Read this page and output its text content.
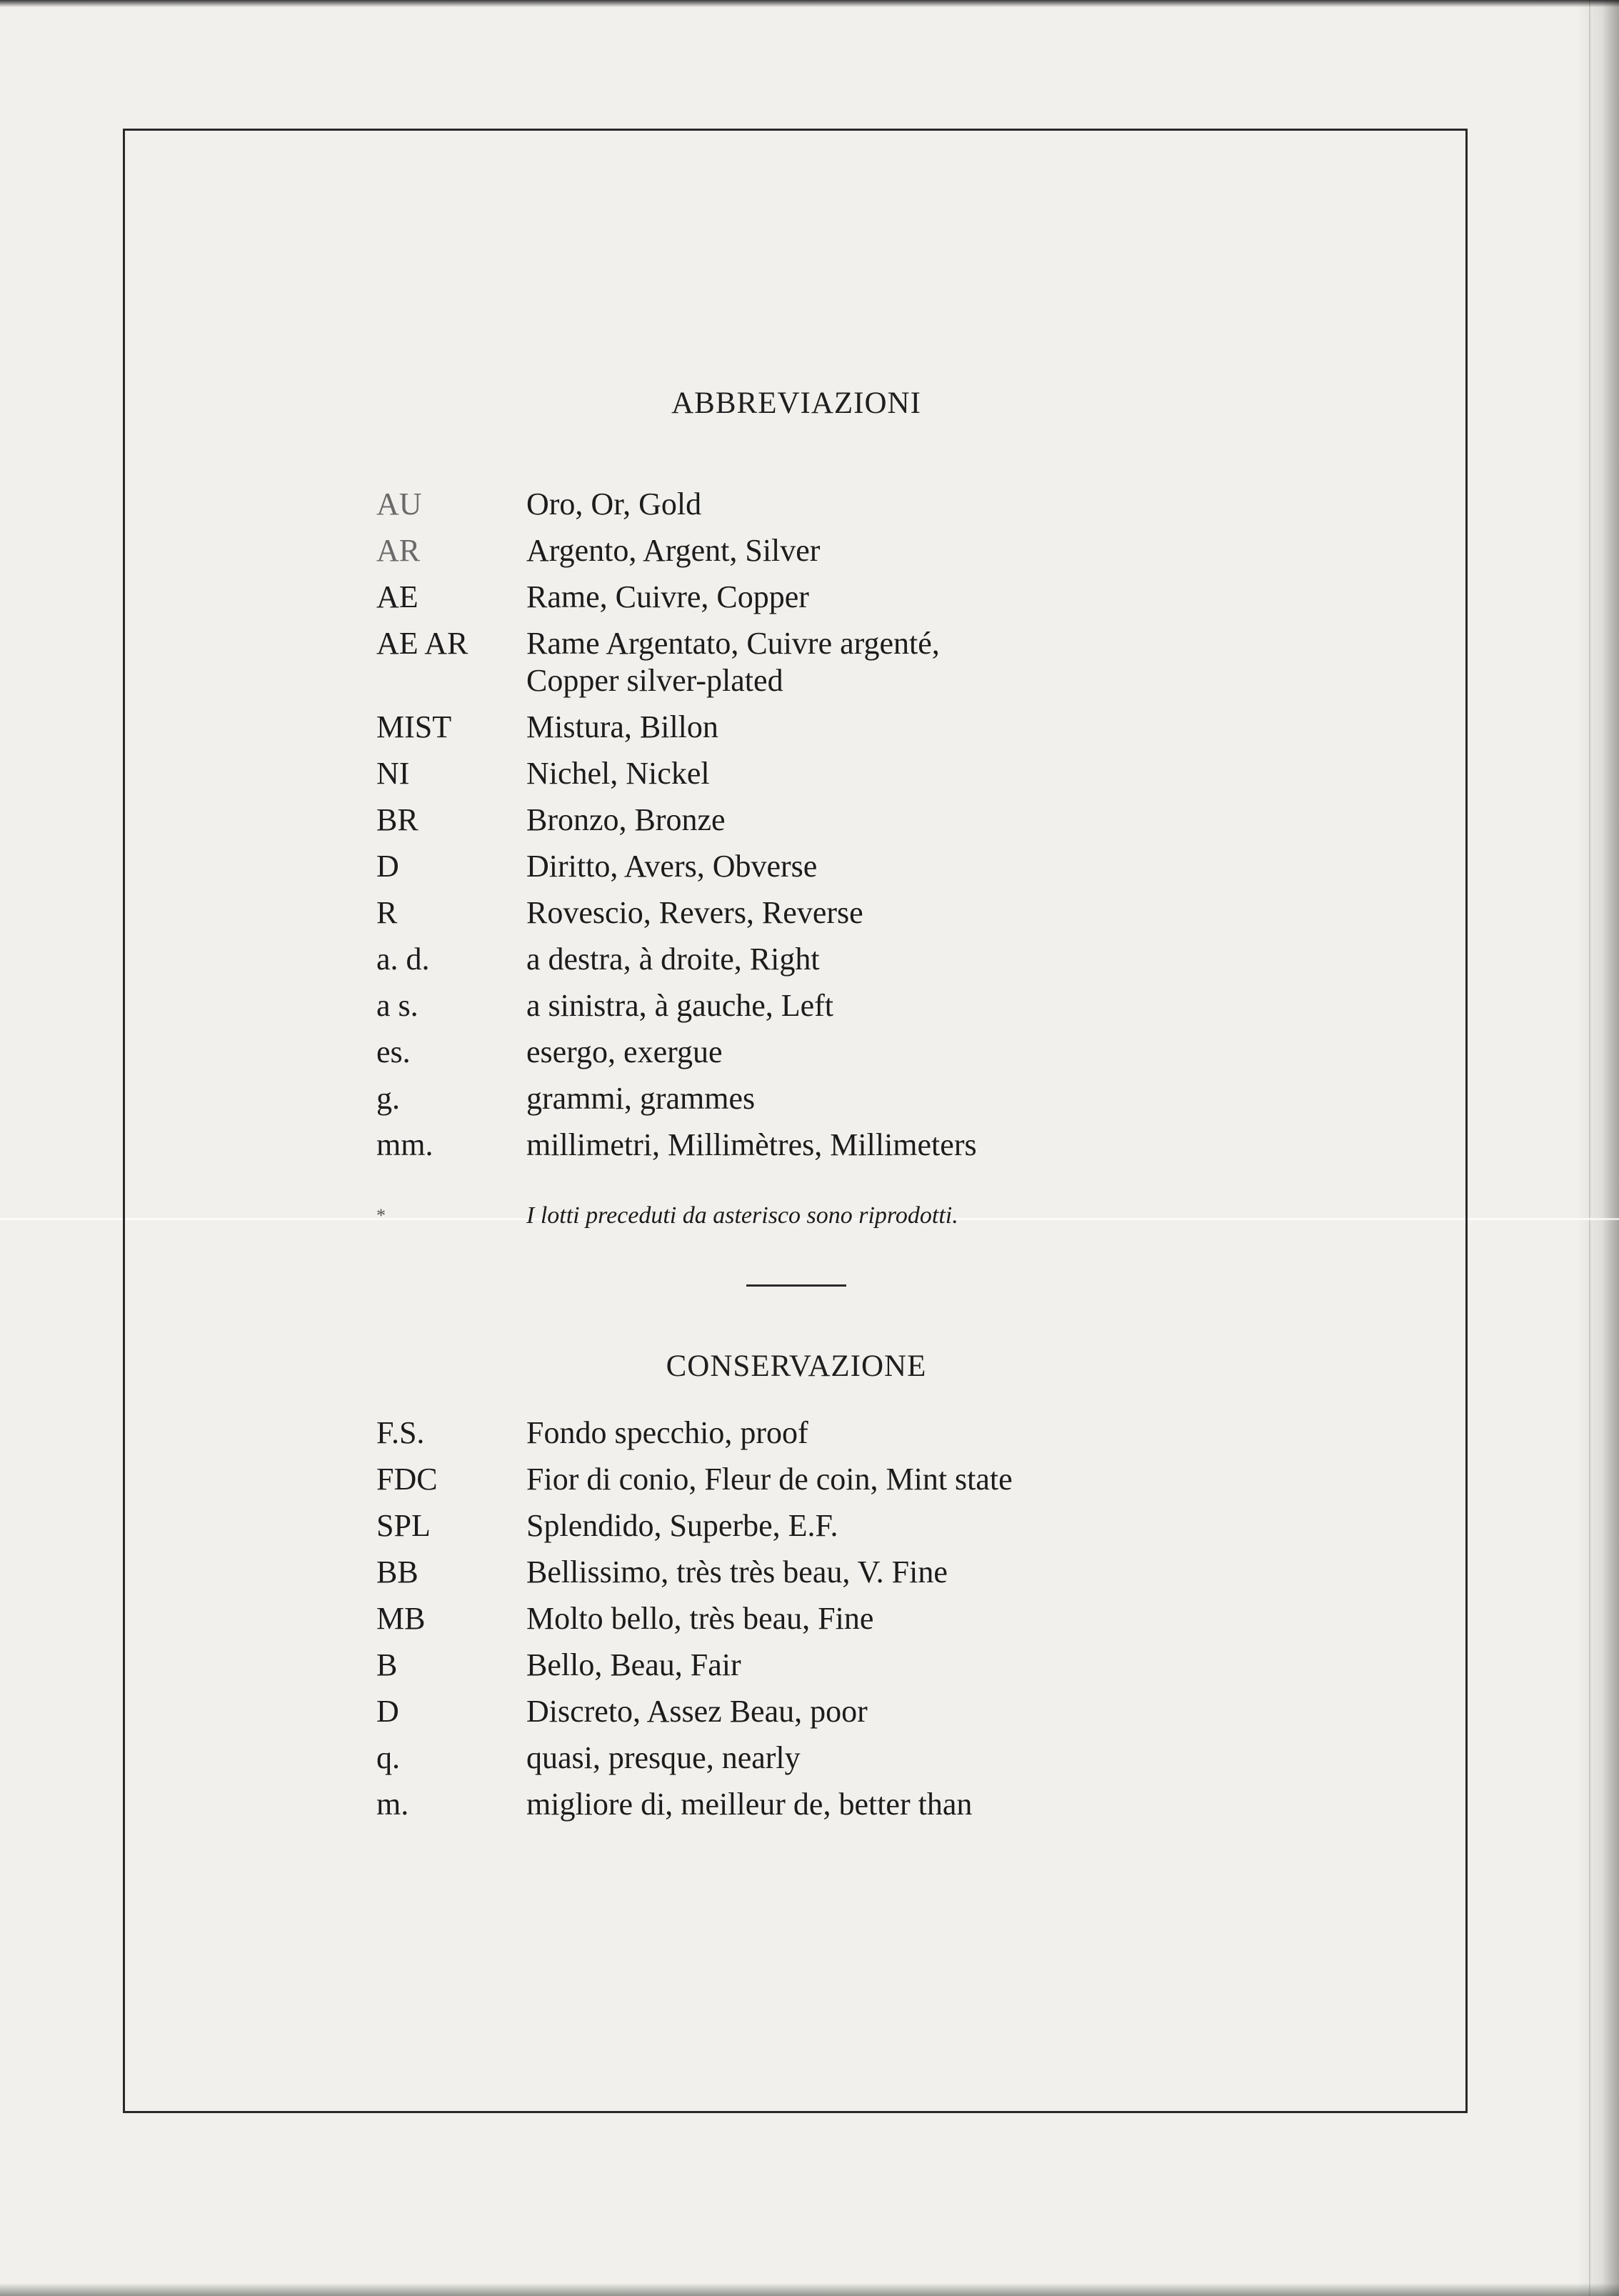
ABBREVIAZIONI
AU	Oro, Or, Gold
AR	Argento, Argent, Silver
AE	Rame, Cuivre, Copper
AE AR	Rame Argentato, Cuivre argenté,
Copper silver-plated
MIST	Mistura, Billon
NI	Nichel, Nickel
BR	Bronzo, Bronze
D	Diritto, Avers, Obverse
R	Rovescio, Revers, Reverse
a. d.	a destra, à droite, Right
a s.	a sinistra, à gauche, Left
es.	esergo, exergue
g.	grammi, grammes
mm.	millimetri, Millimètres, Millimeters
*	I lotti preceduti da asterisco sono riprodotti.
CONSERVAZIONE
F.S.	Fondo specchio, proof
FDC	Fior di conio, Fleur de coin, Mint state
SPL	Splendido, Superbe, E.F.
BB	Bellissimo, très très beau, V. Fine
MB	Molto bello, très beau, Fine
B	Bello, Beau, Fair
D	Discreto, Assez Beau, poor
q.	quasi, presque, nearly
m.	migliore di, meilleur de, better than
